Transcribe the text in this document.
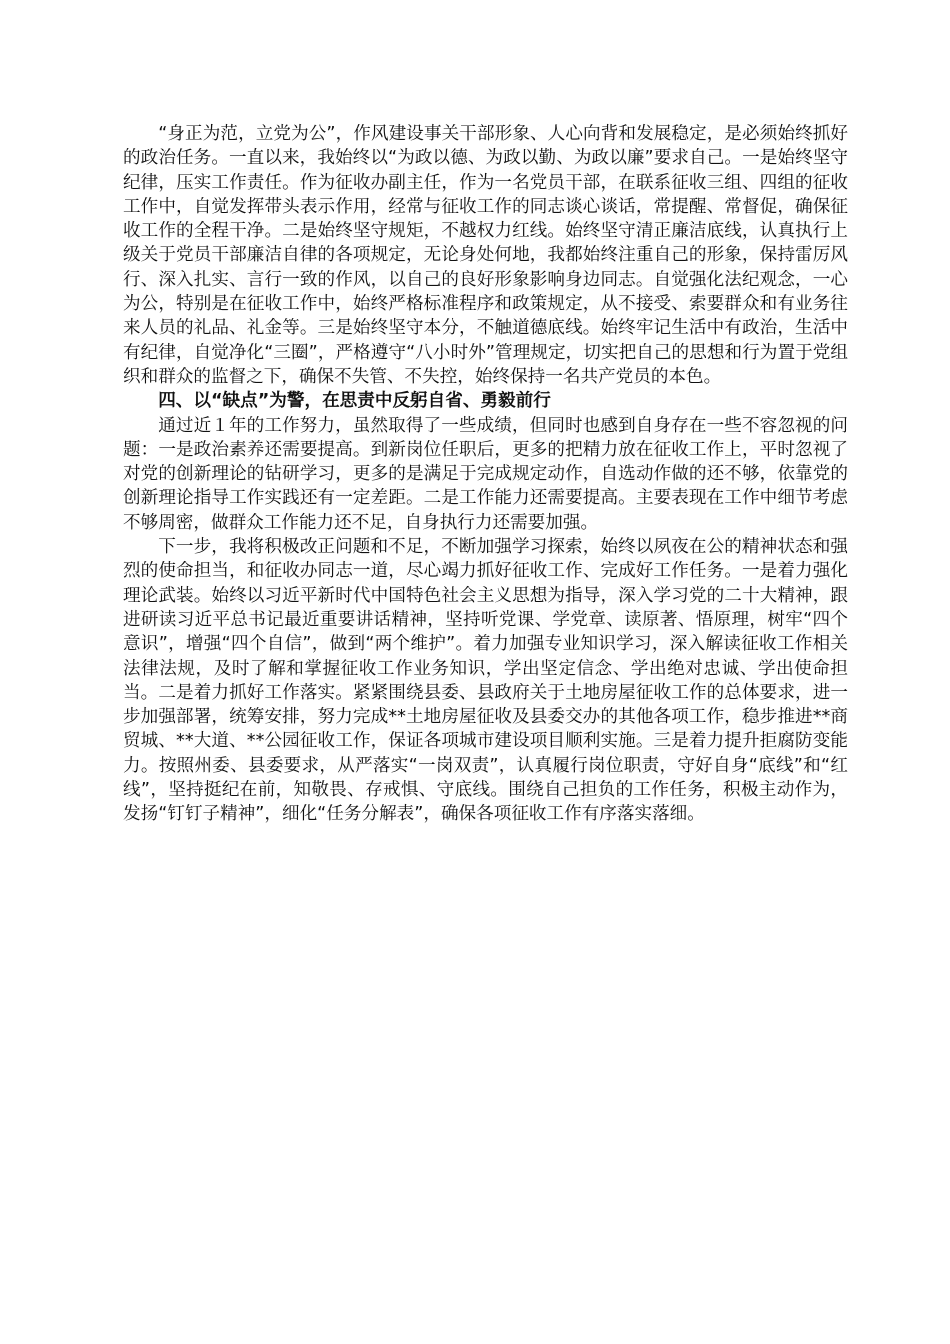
“身正为范，立党为公”，作风建设事关干部形象、人心向背和发展稳定，是必须始终抓好的政治任务。一直以来，我始终以“为政以德、为政以勤、为政以廉”要求自己。一是始终坚守纪律，压实工作责任。作为征收办副主任，作为一名党员干部，在联系征收三组、四组的征收工作中，自觉发挥带头表示作用，经常与征收工作的同志谈心谈话，常提醒、常督促，确保征收工作的全程干净。二是始终坚守规矩，不越权力红线。始终坚守清正廉洁底线，认真执行上级关于党员干部廉洁自律的各项规定，无论身处何地，我都始终注重自己的形象，保持雷厉风行、深入扎实、言行一致的作风，以自己的良好形象影响身边同志。自觉强化法纪观念，一心为公，特别是在征收工作中，始终严格标准程序和政策规定，从不接受、索要群众和有业务往来人员的礼品、礼金等。三是始终坚守本分，不触道德底线。始终牢记生活中有政治，生活中有纪律，自觉净化“三圈”，严格遵守“八小时外”管理规定，切实把自己的思想和行为置于党组织和群众的监督之下，确保不失管、不失控，始终保持一名共产党员的本色。

四、以“缺点”为警，在思责中反躬自省、勇毅前行

通过近１年的工作努力，虽然取得了一些成绩，但同时也感到自身存在一些不容忽视的问题：一是政治素养还需要提高。到新岗位任职后，更多的把精力放在征收工作上，平时忽视了对党的创新理论的钻研学习，更多的是满足于完成规定动作，自选动作做的还不够，依靠党的创新理论指导工作实践还有一定差距。二是工作能力还需要提高。主要表现在工作中细节考虑不够周密，做群众工作能力还不足，自身执行力还需要加强。

下一步，我将积极改正问题和不足，不断加强学习探索，始终以夙夜在公的精神状态和强烈的使命担当，和征收办同志一道，尽心竭力抓好征收工作、完成好工作任务。一是着力强化理论武装。始终以习近平新时代中国特色社会主义思想为指导，深入学习党的二十大精神，跟进研读习近平总书记最近重要讲话精神，坚持听党课、学党章、读原著、悟原理，树牢“四个意识”，增强“四个自信”，做到“两个维护”。着力加强专业知识学习，深入解读征收工作相关法律法规，及时了解和掌握征收工作业务知识，学出坚定信念、学出绝对忠诚、学出使命担当。二是着力抓好工作落实。紧紧围绕县委、县政府关于土地房屋征收工作的总体要求，进一步加强部署，统筹安排，努力完成**土地房屋征收及县委交办的其他各项工作，稳步推进**商贸城、**大道、**公园征收工作，保证各项城市建设项目顺利实施。三是着力提升拒腐防变能力。按照州委、县委要求，从严落实“一岗双责”，认真履行岗位职责，守好自身“底线”和“红线”，坚持挺纪在前，知敬畏、存戒惧、守底线。围绕自己担负的工作任务，积极主动作为，发扬“钉钉子精神”，细化“任务分解表”，确保各项征收工作有序落实落细。
